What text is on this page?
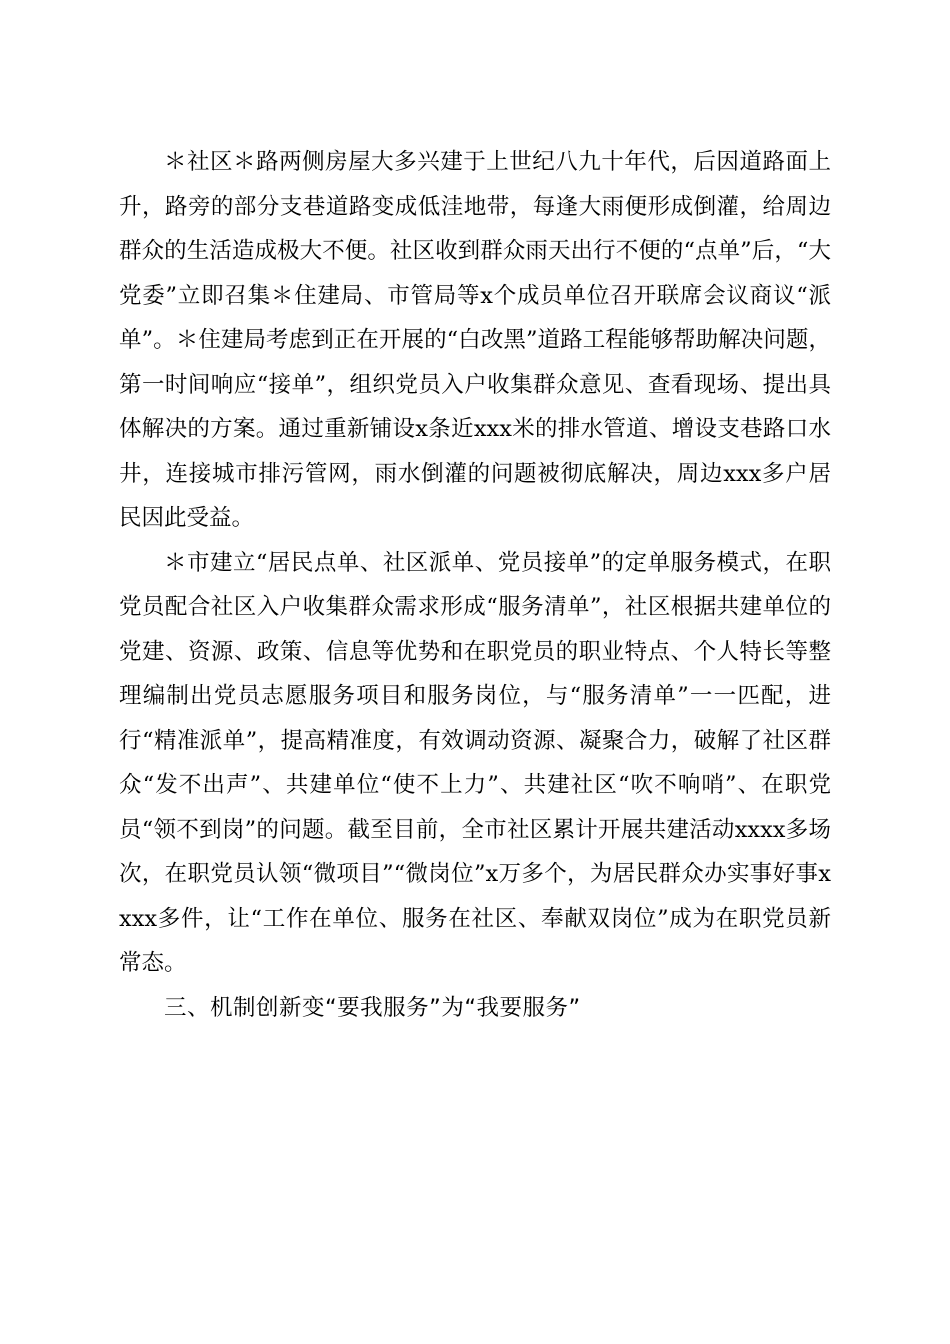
＊社区＊路两侧房屋大多兴建于上世纪八九十年代，后因道路面上升，路旁的部分支巷道路变成低洼地带，每逢大雨便形成倒灌，给周边群众的生活造成极大不便。社区收到群众雨天出行不便的“点单”后，“大党委”立即召集＊住建局、市管局等x个成员单位召开联席会议商议“派单”。＊住建局考虑到正在开展的“白改黑”道路工程能够帮助解决问题，第一时间响应“接单”，组织党员入户收集群众意见、查看现场、提出具体解决的方案。通过重新铺设x条近xxx米的排水管道、增设支巷路口水井，连接城市排污管网，雨水倒灌的问题被彻底解决，周边xxx多户居民因此受益。

＊市建立“居民点单、社区派单、党员接单”的定单服务模式，在职党员配合社区入户收集群众需求形成“服务清单”，社区根据共建单位的党建、资源、政策、信息等优势和在职党员的职业特点、个人特长等整理编制出党员志愿服务项目和服务岗位，与“服务清单”一一匹配，进行“精准派单”，提高精准度，有效调动资源、凝聚合力，破解了社区群众“发不出声”、共建单位“使不上力”、共建社区“吹不响哨”、在职党员“领不到岗”的问题。截至目前，全市社区累计开展共建活动xxxx多场次，在职党员认领“微项目”“微岗位”x万多个，为居民群众办实事好事xxxx多件，让“工作在单位、服务在社区、奉献双岗位”成为在职党员新常态。

三、机制创新变“要我服务”为“我要服务”
